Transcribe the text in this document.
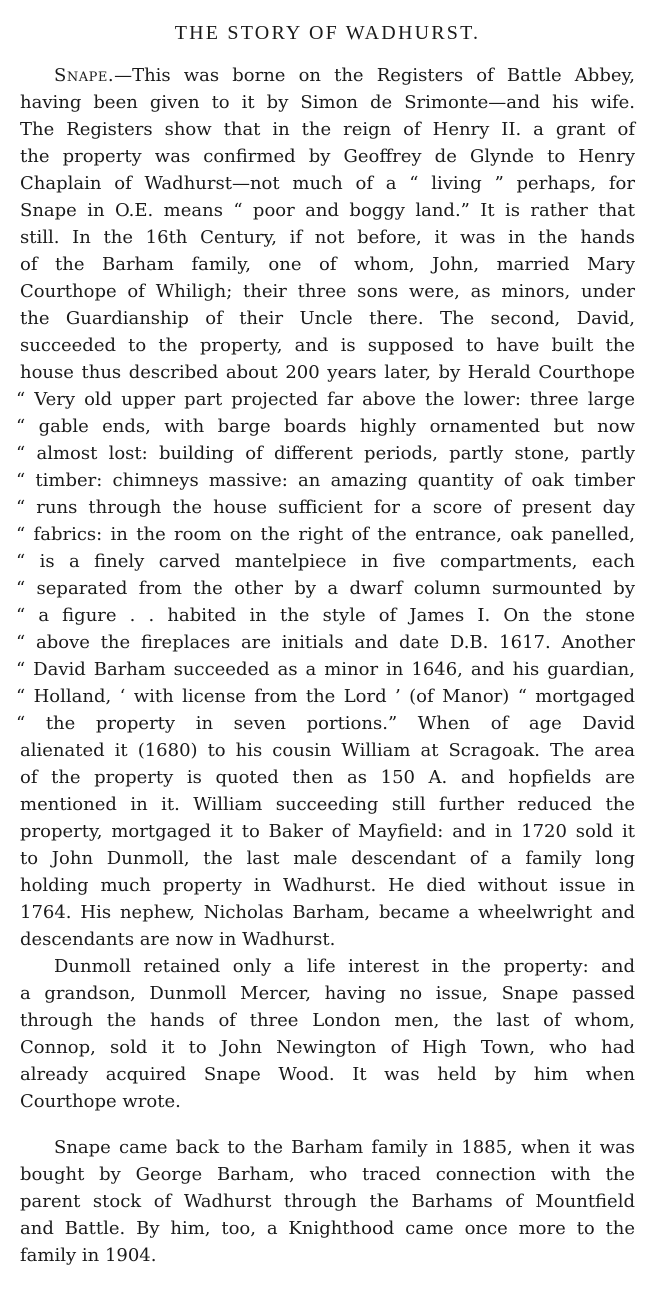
THE STORY OF WADHURST.
Snape.—This was borne on the Registers of Battle Abbey,
having been given to it by Simon de Srimonte—and his wife.
The Registers show that in the reign of Henry II. a grant of
the property was confirmed by Geoffrey de Glynde to Henry
Chaplain of Wadhurst—not much of a “ living ” perhaps, for
Snape in O.E. means “ poor and boggy land.” It is rather that
still. In the 16th Century, if not before, it was in the hands
of the Barham family, one of whom, John, married Mary
Courthope of Whiligh; their three sons were, as minors, under
the Guardianship of their Uncle there. The second, David,
succeeded to the property, and is supposed to have built the
house thus described about 200 years later, by Herald Courthope
“ Very old upper part projected far above the lower: three large
“ gable ends, with barge boards highly ornamented but now
“ almost lost: building of different periods, partly stone, partly
“ timber: chimneys massive: an amazing quantity of oak timber
“ runs through the house sufficient for a score of present day
“ fabrics: in the room on the right of the entrance, oak panelled,
“ is a finely carved mantelpiece in five compartments, each
“ separated from the other by a dwarf column surmounted by
“ a figure . . habited in the style of James I. On the stone
“ above the fireplaces are initials and date D.B. 1617. Another
“ David Barham succeeded as a minor in 1646, and his guardian,
“ Holland, ‘ with license from the Lord ’ (of Manor) “ mortgaged
“ the property in seven portions.” When of age David
alienated it (1680) to his cousin William at Scragoak. The area
of the property is quoted then as 150 A. and hopfields are
mentioned in it. William succeeding still further reduced the
property, mortgaged it to Baker of Mayfield: and in 1720 sold it
to John Dunmoll, the last male descendant of a family long
holding much property in Wadhurst. He died without issue in
1764. His nephew, Nicholas Barham, became a wheelwright and
descendants are now in Wadhurst.
Dunmoll retained only a life interest in the property: and
a grandson, Dunmoll Mercer, having no issue, Snape passed
through the hands of three London men, the last of whom,
Connop, sold it to John Newington of High Town, who had
already acquired Snape Wood. It was held by him when
Courthope wrote.
Snape came back to the Barham family in 1885, when it was
bought by George Barham, who traced connection with the
parent stock of Wadhurst through the Barhams of Mountfield
and Battle. By him, too, a Knighthood came once more to the
family in 1904.
